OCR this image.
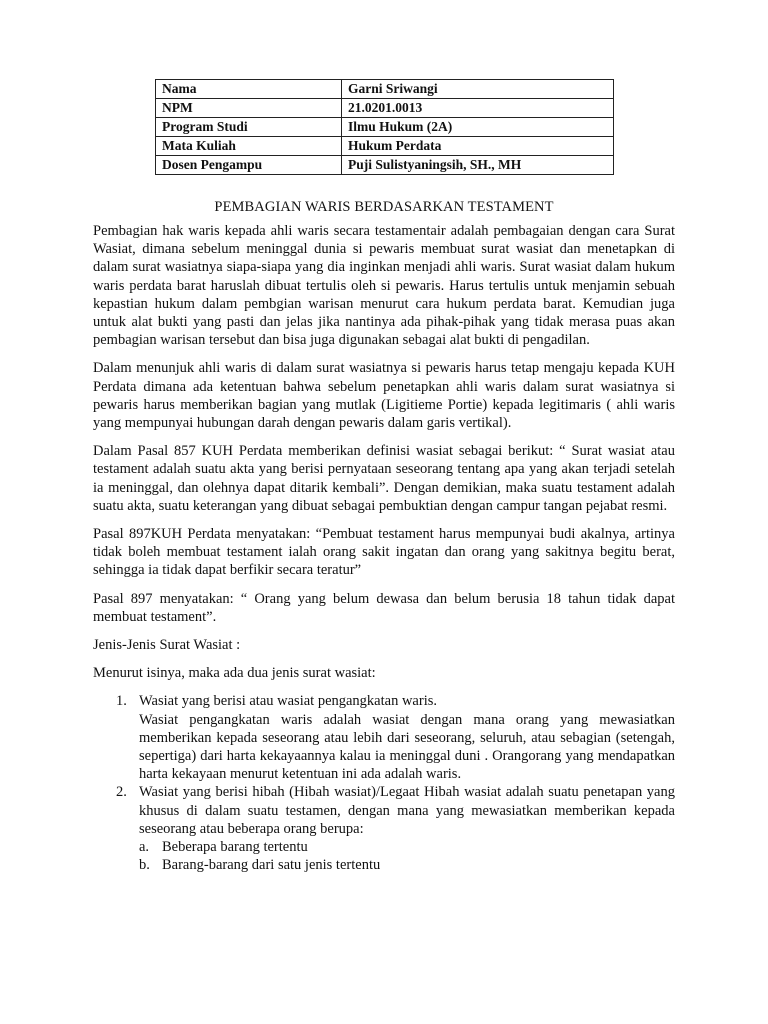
Nama	Garni Sriwangi
NPM	21.0201.0013
Program Studi	Ilmu Hukum (2A)
Mata Kuliah	Hukum Perdata
Dosen Pengampu	Puji Sulistyaningsih, SH., MH
PEMBAGIAN WARIS BERDASARKAN TESTAMENT

Pembagian hak waris kepada ahli waris secara testamentair adalah pembagaian dengan cara Surat Wasiat, dimana sebelum meninggal dunia si pewaris membuat surat wasiat dan menetapkan di dalam surat wasiatnya siapa-siapa yang dia inginkan menjadi ahli waris. Surat wasiat dalam hukum waris perdata barat haruslah dibuat tertulis oleh si pewaris. Harus tertulis untuk menjamin sebuah kepastian hukum dalam pembgian warisan menurut cara hukum perdata barat. Kemudian juga untuk alat bukti yang pasti dan jelas jika nantinya ada pihak-pihak yang tidak merasa puas akan pembagian warisan tersebut dan bisa juga digunakan sebagai alat bukti di pengadilan.

Dalam menunjuk ahli waris di dalam surat wasiatnya si pewaris harus tetap mengaju kepada KUH Perdata dimana ada ketentuan bahwa sebelum penetapkan ahli waris dalam surat wasiatnya si pewaris harus memberikan bagian yang mutlak (Ligitieme Portie) kepada legitimaris ( ahli waris yang mempunyai hubungan darah dengan pewaris dalam garis vertikal).

Dalam Pasal 857 KUH Perdata memberikan definisi wasiat sebagai berikut: “ Surat wasiat atau testament adalah suatu akta yang berisi pernyataan seseorang tentang apa yang akan terjadi setelah ia meninggal, dan olehnya dapat ditarik kembali”. Dengan demikian, maka suatu testament adalah suatu akta, suatu keterangan yang dibuat sebagai pembuktian dengan campur tangan pejabat resmi.

Pasal 897KUH Perdata menyatakan: “Pembuat testament harus mempunyai budi akalnya, artinya tidak boleh membuat testament ialah orang sakit ingatan dan orang yang sakitnya begitu berat, sehingga ia tidak dapat berfikir secara teratur”

Pasal 897 menyatakan: “ Orang yang belum dewasa dan belum berusia 18 tahun tidak dapat membuat testament”.

Jenis-Jenis Surat Wasiat :

Menurut isinya, maka ada dua jenis surat wasiat:

1. Wasiat yang berisi atau wasiat pengangkatan waris.
Wasiat pengangkatan waris adalah wasiat dengan mana orang yang mewasiatkan memberikan kepada seseorang atau lebih dari seseorang, seluruh, atau sebagian (setengah, sepertiga) dari harta kekayaannya kalau ia meninggal duni . Orangorang yang mendapatkan harta kekayaan menurut ketentuan ini ada adalah waris.
2. Wasiat yang berisi hibah (Hibah wasiat)/Legaat Hibah wasiat adalah suatu penetapan yang khusus di dalam suatu testamen, dengan mana yang mewasiatkan memberikan kepada seseorang atau beberapa orang berupa:
a. Beberapa barang tertentu
b. Barang-barang dari satu jenis tertentu
